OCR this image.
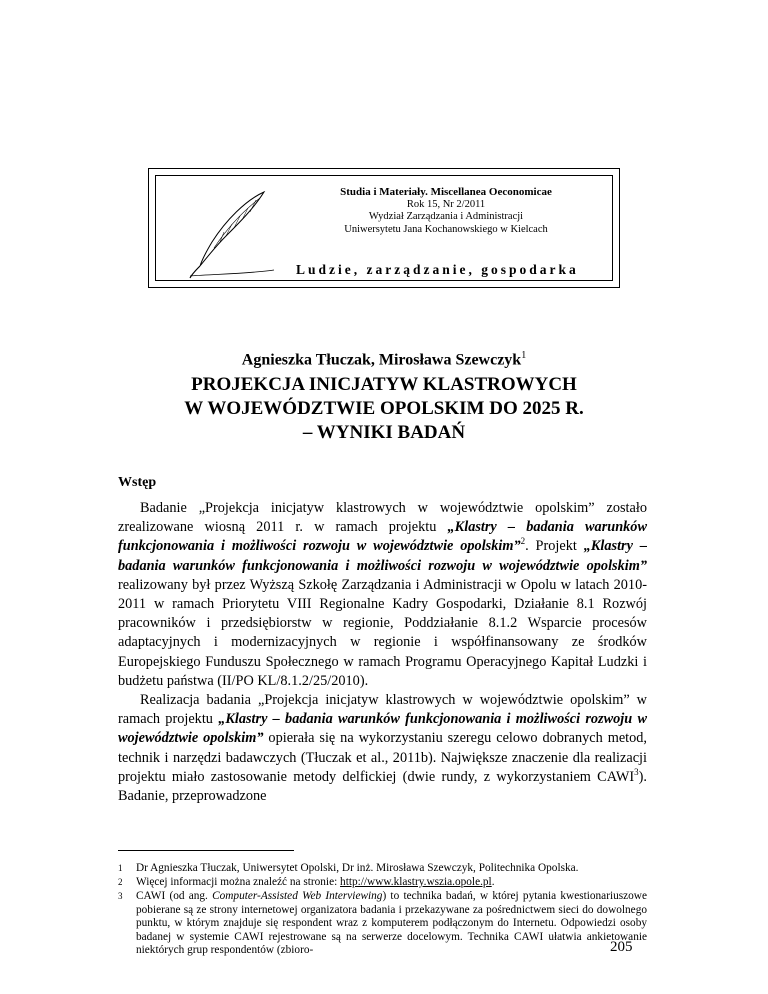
Studia i Materiały. Miscellanea Oeconomicae
Rok 15, Nr 2/2011
Wydział Zarządzania i Administracji
Uniwersytetu Jana Kochanowskiego w Kielcach
Ludzie, zarządzanie, gospodarka
Agnieszka Tłuczak, Mirosława Szewczyk$^1$
PROJEKCJA INICJATYW KLASTROWYCH
W WOJEWÓDZTWIE OPOLSKIM DO 2025 R.
– WYNIKI BADAŃ
Wstęp

Badanie „Projekcja inicjatyw klastrowych w województwie opolskim” zostało zrealizowane wiosną 2011 r. w ramach projektu „Klastry – badania warunków funkcjonowania i możliwości rozwoju w województwie opolskim”$^2$. Projekt „Klastry – badania warunków funkcjonowania i możliwości rozwoju w województwie opolskim” realizowany był przez Wyższą Szkołę Zarządzania i Administracji w Opolu w latach 2010-2011 w ramach Priorytetu VIII Regionalne Kadry Gospodarki, Działanie 8.1 Rozwój pracowników i przedsiębiorstw w regionie, Poddziałanie 8.1.2 Wsparcie procesów adaptacyjnych i modernizacyjnych w regionie i współfinansowany ze środków Europejskiego Funduszu Społecznego w ramach Programu Operacyjnego Kapitał Ludzki i budżetu państwa (II/PO KL/8.1.2/25/2010).

Realizacja badania „Projekcja inicjatyw klastrowych w województwie opolskim” w ramach projektu „Klastry – badania warunków funkcjonowania i możliwości rozwoju w województwie opolskim” opierała się na wykorzystaniu szeregu celowo dobranych metod, technik i narzędzi badawczych (Tłuczak et al., 2011b). Największe znaczenie dla realizacji projektu miało zastosowanie metody delfickiej (dwie rundy, z wykorzystaniem CAWI$^3$). Badanie, przeprowadzone

1 Dr Agnieszka Tłuczak, Uniwersytet Opolski, Dr inż. Mirosława Szewczyk, Politechnika Opolska.
2 Więcej informacji można znaleźć na stronie: http://www.klastry.wszia.opole.pl.
3 CAWI (od ang. Computer-Assisted Web Interviewing) to technika badań, w której pytania kwestionariuszowe pobierane są ze strony internetowej organizatora badania i przekazywane za pośrednictwem sieci do dowolnego punktu, w którym znajduje się respondent wraz z komputerem podłączonym do Internetu. Odpowiedzi osoby badanej w systemie CAWI rejestrowane są na serwerze docelowym. Technika CAWI ułatwia ankietowanie niektórych grup respondentów (zbioro-	205
